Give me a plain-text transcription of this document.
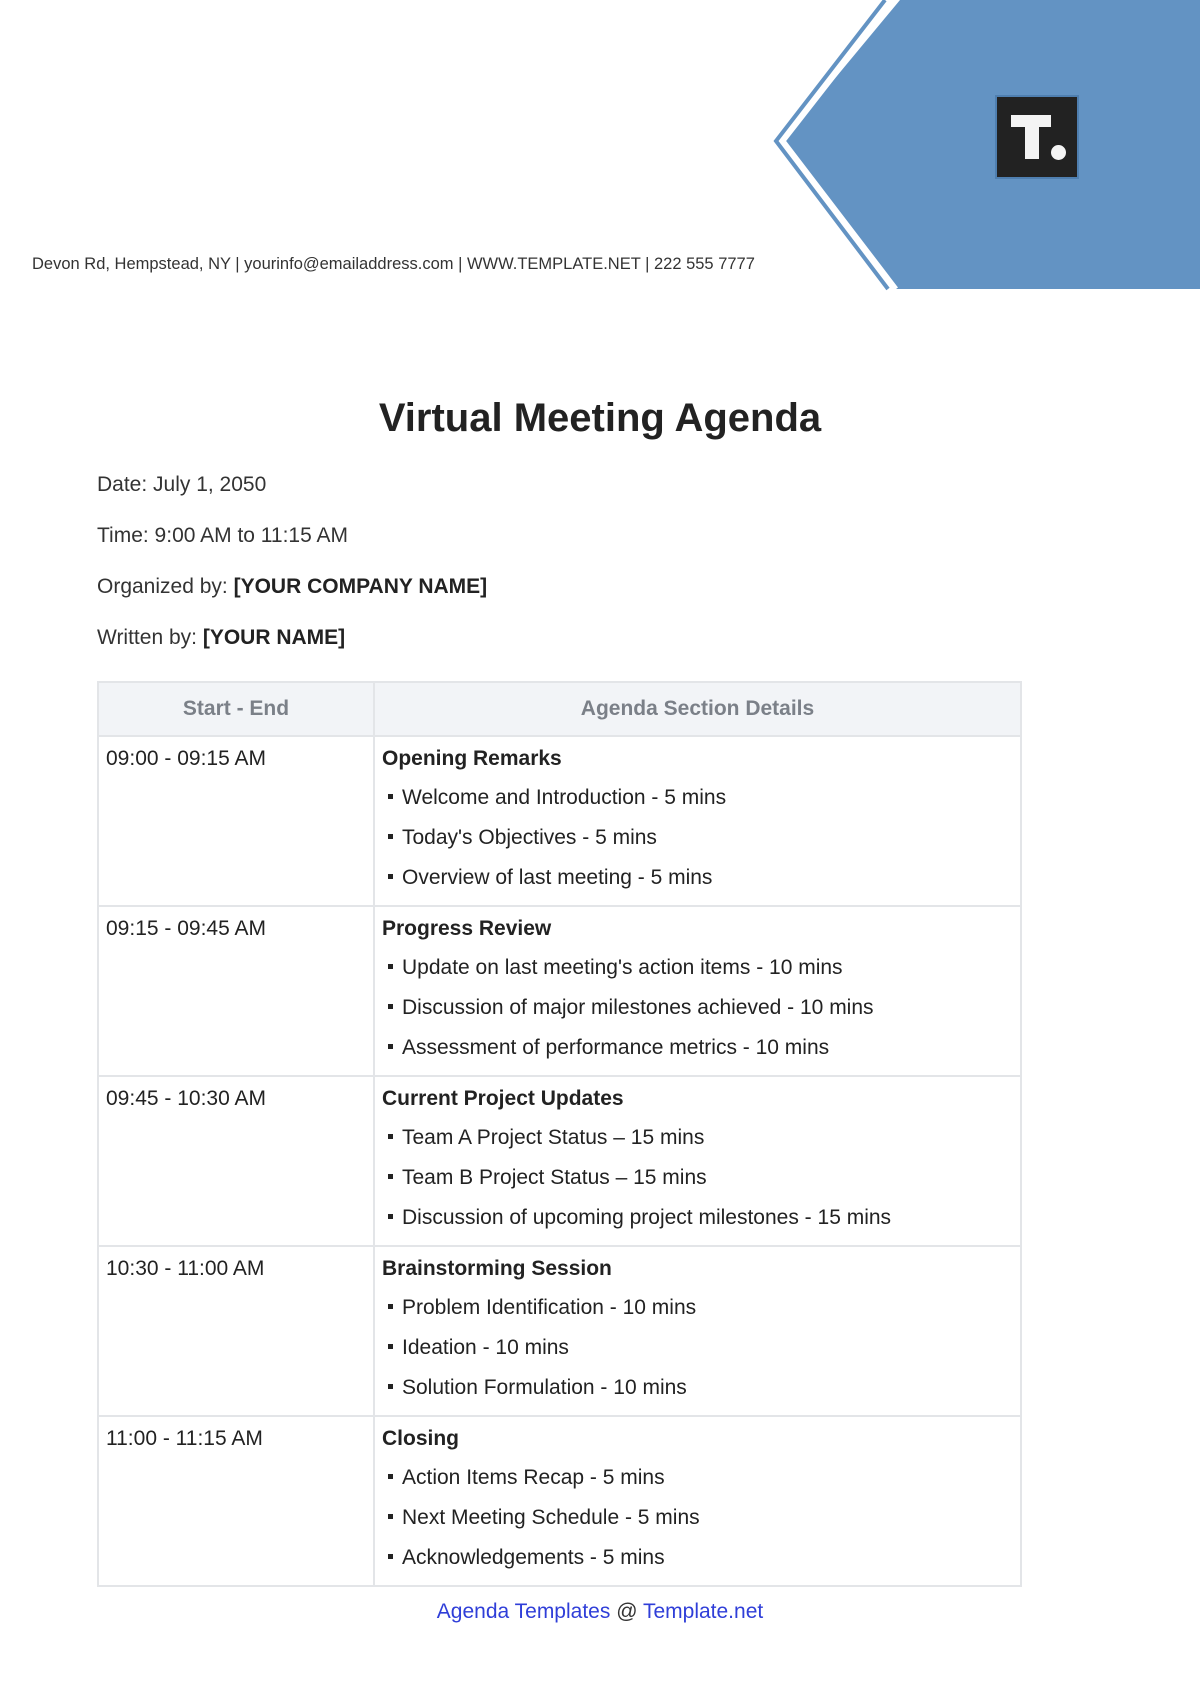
Devon Rd, Hempstead, NY | yourinfo@emailaddress.com | WWW.TEMPLATE.NET | 222 555 7777
Virtual Meeting Agenda
Date: July 1, 2050
Time: 9:00 AM to 11:15 AM
Organized by: [YOUR COMPANY NAME]
Written by: [YOUR NAME]
Start - End	Agenda Section Details
09:00 - 09:15 AM	Opening Remarks
Welcome and Introduction - 5 mins
Today's Objectives - 5 mins
Overview of last meeting - 5 mins

09:15 - 09:45 AM	Progress Review
Update on last meeting's action items - 10 mins
Discussion of major milestones achieved - 10 mins
Assessment of performance metrics - 10 mins

09:45 - 10:30 AM	Current Project Updates
Team A Project Status – 15 mins
Team B Project Status – 15 mins
Discussion of upcoming project milestones - 15 mins

10:30 - 11:00 AM	Brainstorming Session
Problem Identification - 10 mins
Ideation - 10 mins
Solution Formulation - 10 mins

11:00 - 11:15 AM	Closing
Action Items Recap - 5 mins
Next Meeting Schedule - 5 mins
Acknowledgements - 5 mins
Agenda Templates @ Template.net
